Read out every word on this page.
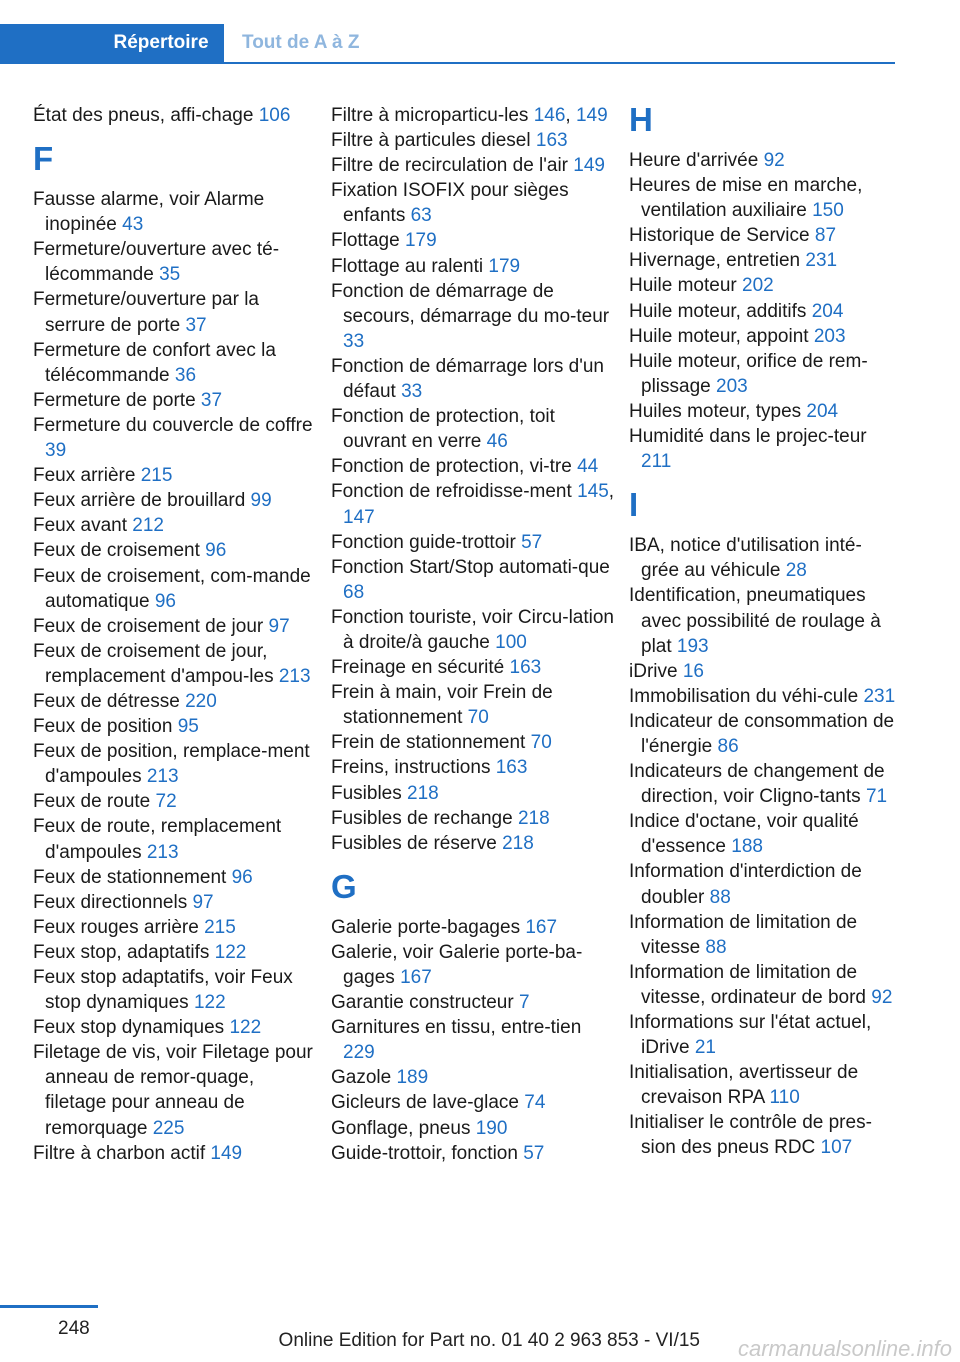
Répertoire	Tout de A à Z
État des pneus, affi-chage 106
F
Fausse alarme, voir Alarme inopinée 43
Fermeture/ouverture avec té-lécommande 35
Fermeture/ouverture par la serrure de porte 37
Fermeture de confort avec la télécommande 36
Fermeture de porte 37
Fermeture du couvercle de coffre 39
Feux arrière 215
Feux arrière de brouillard 99
Feux avant 212
Feux de croisement 96
Feux de croisement, com-mande automatique 96
Feux de croisement de jour 97
Feux de croisement de jour, remplacement d'ampou-les 213
Feux de détresse 220
Feux de position 95
Feux de position, remplace-ment d'ampoules 213
Feux de route 72
Feux de route, remplacement d'ampoules 213
Feux de stationnement 96
Feux directionnels 97
Feux rouges arrière 215
Feux stop, adaptatifs 122
Feux stop adaptatifs, voir Feux stop dynamiques 122
Feux stop dynamiques 122
Filetage de vis, voir Filetage pour anneau de remor-quage, filetage pour anneau de remorquage 225
Filtre à charbon actif 149
Filtre à microparticu-les 146, 149
Filtre à particules diesel 163
Filtre de recirculation de l'air 149
Fixation ISOFIX pour sièges enfants 63
Flottage 179
Flottage au ralenti 179
Fonction de démarrage de secours, démarrage du mo-teur 33
Fonction de démarrage lors d'un défaut 33
Fonction de protection, toit ouvrant en verre 46
Fonction de protection, vi-tre 44
Fonction de refroidisse-ment 145, 147
Fonction guide-trottoir 57
Fonction Start/Stop automati-que 68
Fonction touriste, voir Circu-lation à droite/à gauche 100
Freinage en sécurité 163
Frein à main, voir Frein de stationnement 70
Frein de stationnement 70
Freins, instructions 163
Fusibles 218
Fusibles de rechange 218
Fusibles de réserve 218
G
Galerie porte-bagages 167
Galerie, voir Galerie porte-ba-gages 167
Garantie constructeur 7
Garnitures en tissu, entre-tien 229
Gazole 189
Gicleurs de lave-glace 74
Gonflage, pneus 190
Guide-trottoir, fonction 57
H
Heure d'arrivée 92
Heures de mise en marche, ventilation auxiliaire 150
Historique de Service 87
Hivernage, entretien 231
Huile moteur 202
Huile moteur, additifs 204
Huile moteur, appoint 203
Huile moteur, orifice de rem-plissage 203
Huiles moteur, types 204
Humidité dans le projec-teur 211
I
IBA, notice d'utilisation inté-grée au véhicule 28
Identification, pneumatiques avec possibilité de roulage à plat 193
iDrive 16
Immobilisation du véhi-cule 231
Indicateur de consommation de l'énergie 86
Indicateurs de changement de direction, voir Cligno-tants 71
Indice d'octane, voir qualité d'essence 188
Information d'interdiction de doubler 88
Information de limitation de vitesse 88
Information de limitation de vitesse, ordinateur de bord 92
Informations sur l'état actuel, iDrive 21
Initialisation, avertisseur de crevaison RPA 110
Initialiser le contrôle de pres-sion des pneus RDC 107
248
Online Edition for Part no. 01 40 2 963 853 - VI/15 carmanualsonline.info
